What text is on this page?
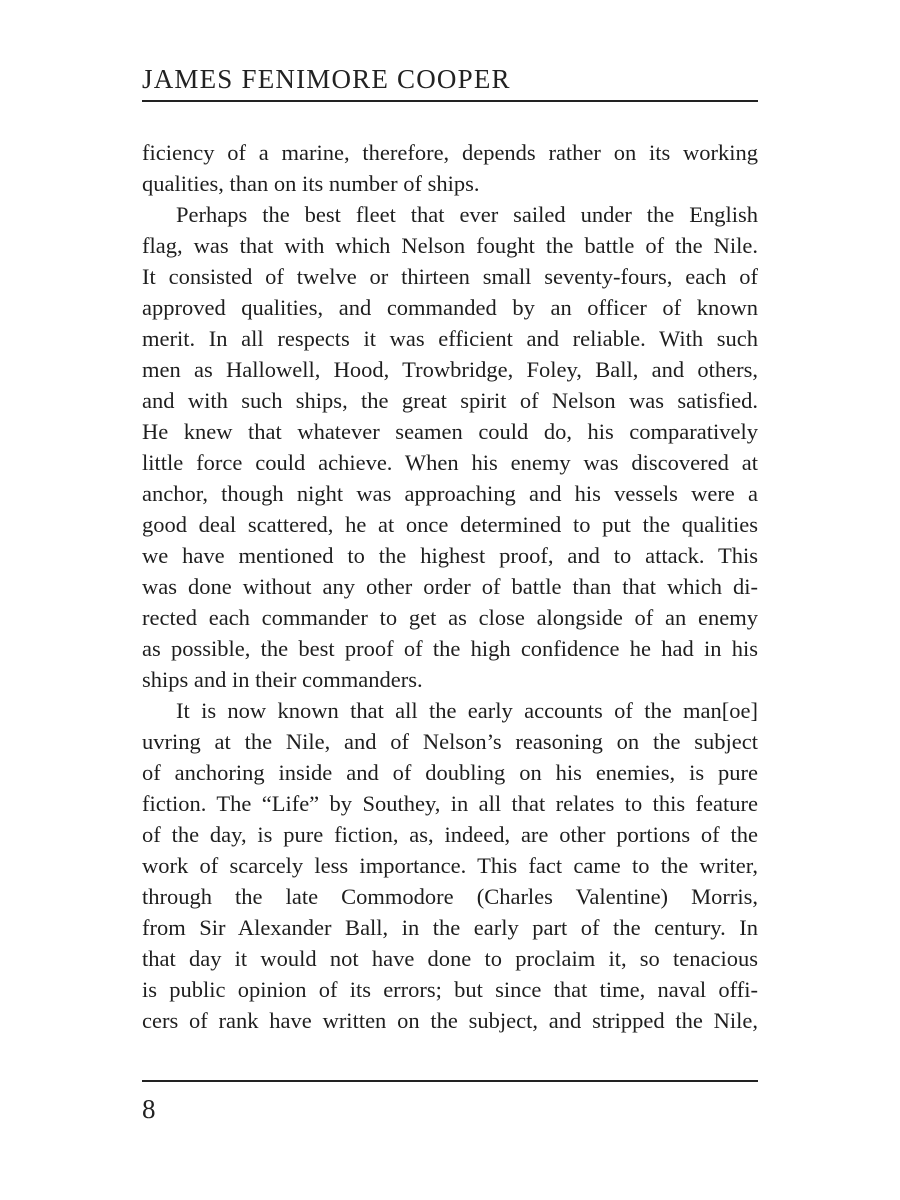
JAMES FENIMORE COOPER
ficiency of a marine, therefore, depends rather on its working
qualities, than on its number of ships.
Perhaps the best fleet that ever sailed under the English
flag, was that with which Nelson fought the battle of the Nile.
It consisted of twelve or thirteen small seventy-fours, each of
approved qualities, and commanded by an officer of known
merit. In all respects it was efficient and reliable. With such
men as Hallowell, Hood, Trowbridge, Foley, Ball, and others,
and with such ships, the great spirit of Nelson was satisfied.
He knew that whatever seamen could do, his comparatively
little force could achieve. When his enemy was discovered at
anchor, though night was approaching and his vessels were a
good deal scattered, he at once determined to put the qualities
we have mentioned to the highest proof, and to attack. This
was done without any other order of battle than that which di-
rected each commander to get as close alongside of an enemy
as possible, the best proof of the high confidence he had in his
ships and in their commanders.
It is now known that all the early accounts of the man[oe]
uvring at the Nile, and of Nelson’s reasoning on the subject
of anchoring inside and of doubling on his enemies, is pure
fiction. The “Life” by Southey, in all that relates to this feature
of the day, is pure fiction, as, indeed, are other portions of the
work of scarcely less importance. This fact came to the writer,
through the late Commodore (Charles Valentine) Morris,
from Sir Alexander Ball, in the early part of the century. In
that day it would not have done to proclaim it, so tenacious
is public opinion of its errors; but since that time, naval offi-
cers of rank have written on the subject, and stripped the Nile,
8
